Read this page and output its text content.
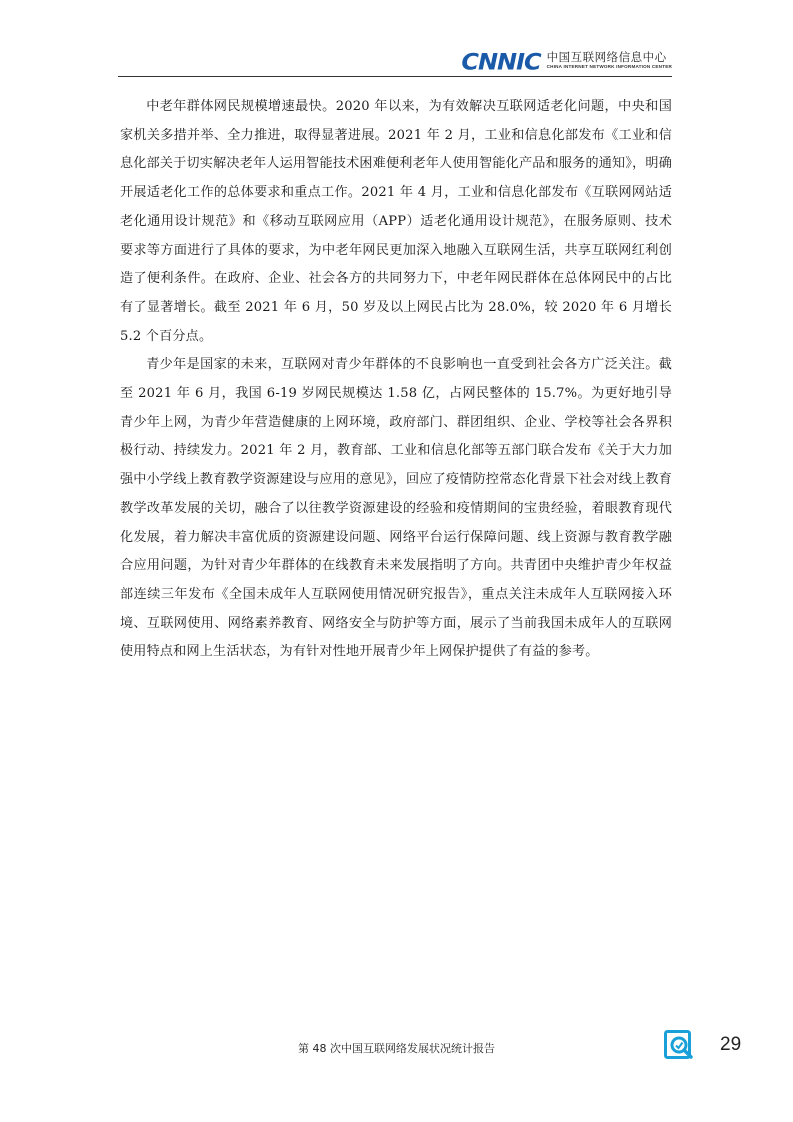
CNNIC 中国互联网络信息中心
CHINA INTERNET NETWORK INFORMATION CENTER

中老年群体网民规模增速最快。2020 年以来，为有效解决互联网适老化问题，中央和国家机关多措并举、全力推进，取得显著进展。2021 年 2 月，工业和信息化部发布《工业和信息化部关于切实解决老年人运用智能技术困难便利老年人使用智能化产品和服务的通知》，明确开展适老化工作的总体要求和重点工作。2021 年 4 月，工业和信息化部发布《互联网网站适老化通用设计规范》和《移动互联网应用（APP）适老化通用设计规范》，在服务原则、技术要求等方面进行了具体的要求，为中老年网民更加深入地融入互联网生活，共享互联网红利创造了便利条件。在政府、企业、社会各方的共同努力下，中老年网民群体在总体网民中的占比有了显著增长。截至 2021 年 6 月，50 岁及以上网民占比为 28.0%，较 2020 年 6 月增长 5.2 个百分点。

青少年是国家的未来，互联网对青少年群体的不良影响也一直受到社会各方广泛关注。截至 2021 年 6 月，我国 6-19 岁网民规模达 1.58 亿，占网民整体的 15.7%。为更好地引导青少年上网，为青少年营造健康的上网环境，政府部门、群团组织、企业、学校等社会各界积极行动、持续发力。2021 年 2 月，教育部、工业和信息化部等五部门联合发布《关于大力加强中小学线上教育教学资源建设与应用的意见》，回应了疫情防控常态化背景下社会对线上教育教学改革发展的关切，融合了以往教学资源建设的经验和疫情期间的宝贵经验，着眼教育现代化发展，着力解决丰富优质的资源建设问题、网络平台运行保障问题、线上资源与教育教学融合应用问题，为针对青少年群体的在线教育未来发展指明了方向。共青团中央维护青少年权益部连续三年发布《全国未成年人互联网使用情况研究报告》，重点关注未成年人互联网接入环境、互联网使用、网络素养教育、网络安全与防护等方面，展示了当前我国未成年人的互联网使用特点和网上生活状态，为有针对性地开展青少年上网保护提供了有益的参考。

第 48 次中国互联网络发展状况统计报告	29
